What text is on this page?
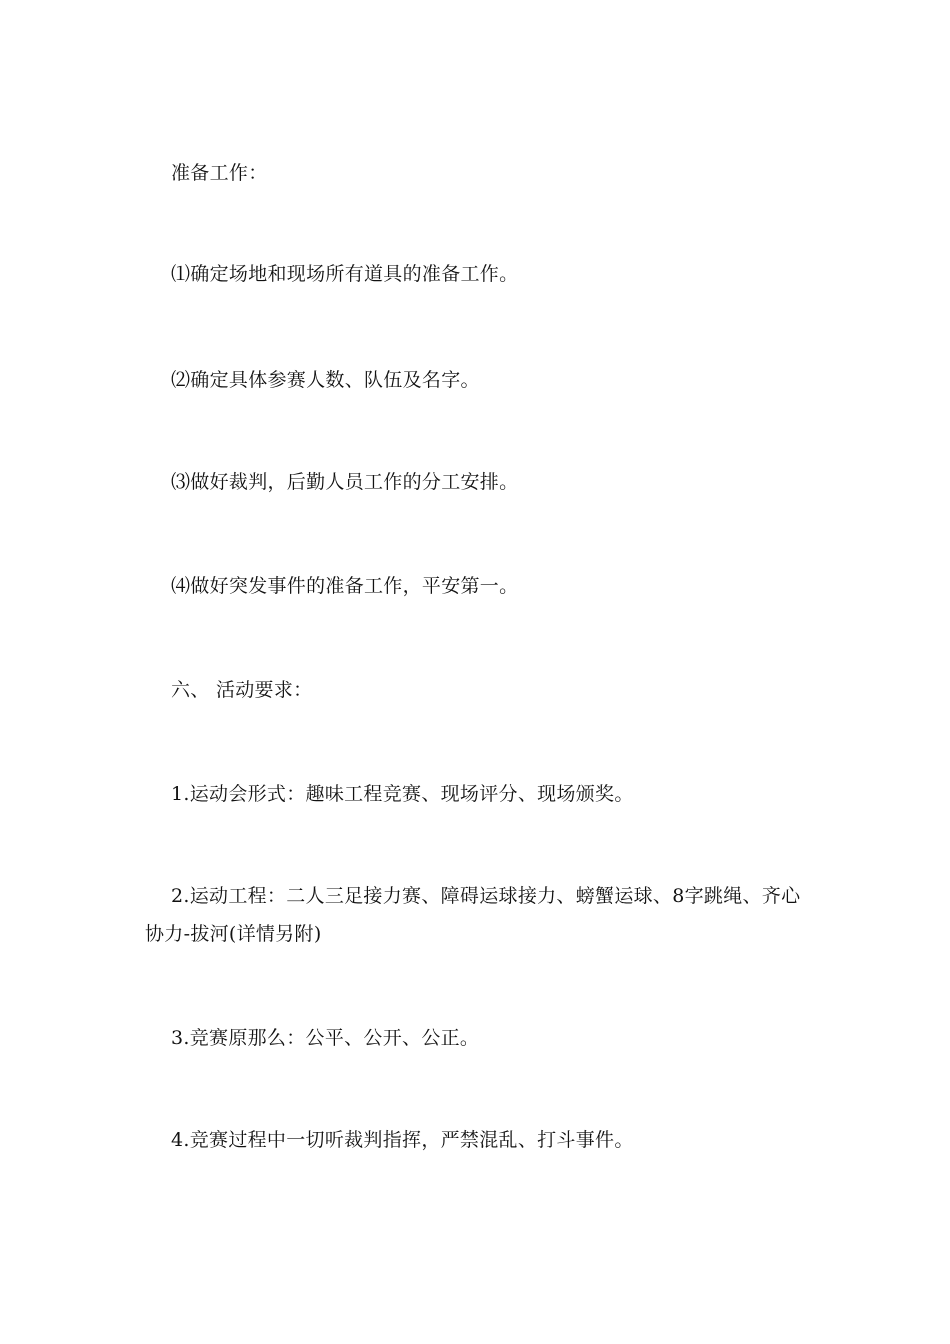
准备工作：
⑴确定场地和现场所有道具的准备工作。
⑵确定具体参赛人数、队伍及名字。
⑶做好裁判，后勤人员工作的分工安排。
⑷做好突发事件的准备工作，平安第一。
六、 活动要求：
1.运动会形式：趣味工程竞赛、现场评分、现场颁奖。
2.运动工程：二人三足接力赛、障碍运球接力、螃蟹运球、8字跳绳、齐心
协力-拔河(详情另附)
3.竞赛原那么：公平、公开、公正。
4.竞赛过程中一切听裁判指挥，严禁混乱、打斗事件。
